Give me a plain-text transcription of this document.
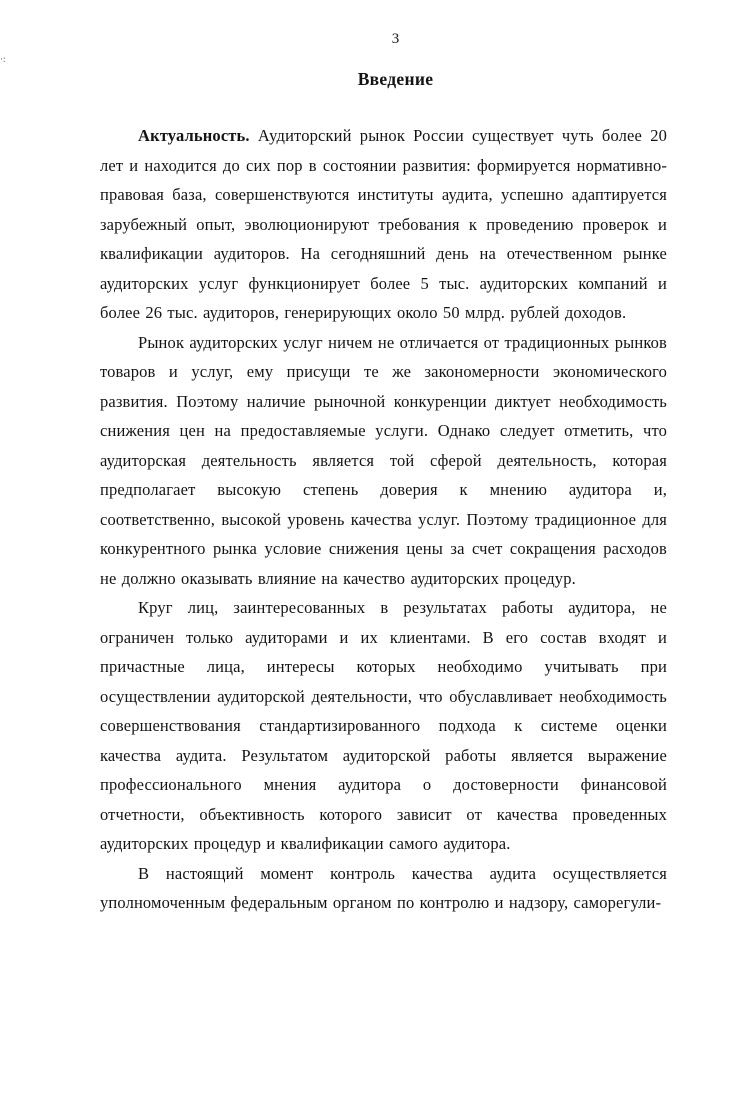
·:
3
Введение

Актуальность. Аудиторский рынок России существует чуть более 20 лет и находится до сих пор в состоянии развития: формируется нормативно-правовая база, совершенствуются институты аудита, успешно адаптируется зарубежный опыт, эволюционируют требования к проведению проверок и квалификации аудиторов. На сегодняшний день на отечественном рынке аудиторских услуг функционирует более 5 тыс. аудиторских компаний и более 26 тыс. аудиторов, генерирующих около 50 млрд. рублей доходов.

Рынок аудиторских услуг ничем не отличается от традиционных рынков товаров и услуг, ему присущи те же закономерности экономического развития. Поэтому наличие рыночной конкуренции диктует необходимость снижения цен на предоставляемые услуги. Однако следует отметить, что аудиторская деятельность является той сферой деятельность, которая предполагает высокую степень доверия к мнению аудитора и, соответственно, высокой уровень качества услуг. Поэтому традиционное для конкурентного рынка условие снижения цены за счет сокращения расходов не должно оказывать влияние на качество аудиторских процедур.

Круг лиц, заинтересованных в результатах работы аудитора, не ограничен только аудиторами и их клиентами. В его состав входят и причастные лица, интересы которых необходимо учитывать при осуществлении аудиторской деятельности, что обуславливает необходимость совершенствования стандартизированного подхода к системе оценки качества аудита. Результатом аудиторской работы является выражение профессионального мнения аудитора о достоверности финансовой отчетности, объективность которого зависит от качества проведенных аудиторских процедур и квалификации самого аудитора.

В настоящий момент контроль качества аудита осуществляется уполномоченным федеральным органом по контролю и надзору, саморегули-
